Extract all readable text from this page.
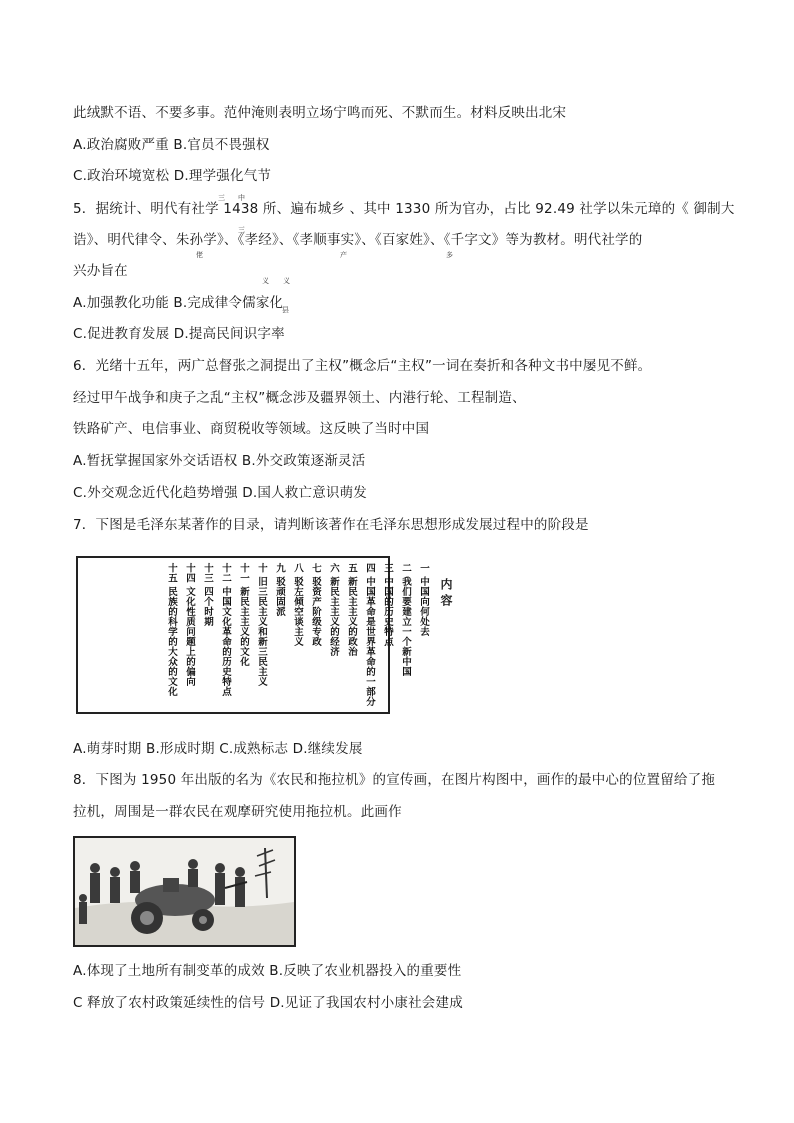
此绒默不语、不要多事。范仲淹则表明立场宁鸣而死、不默而生。材料反映出北宋
A.政治腐败严重 B.官员不畏强权
C.政治环境宽松 D.理学强化气节
5．据统计、明代有社学 1438 所、遍布城乡 、其中 1330 所为官办，占比 92.49 社学以朱元璋的《 御制大
诰》、明代律令、朱孙学》、《孝经》、《孝顺事实》、《百家姓》、《千字文》等为教材。明代社学的
兴办旨在
A.加强教化功能 B.完成律令儒家化
C.促进教育发展 D.提高民间识字率
6．光绪十五年，两广总督张之洞提出了主权”概念后“主权”一词在奏折和各种文书中屡见不鲜。
经过甲午战争和庚子之乱“主权”概念涉及疆界领土、内港行轮、工程制造、
铁路矿产、电信事业、商贸税收等领域。这反映了当时中国
A.暂抚掌握国家外交话语权 B.外交政策逐渐灵活
C.外交观念近代化趋势增强 D.国人救亡意识萌发
7．下图是毛泽东某著作的目录，请判断该著作在毛泽东思想形成发展过程中的阶段是
A.萌芽时期 B.形成时期 C.成熟标志 D.继续发展
8．下图为 1950 年出版的名为《农民和拖拉机》的宣传画，在图片构图中，画作的最中心的位置留给了拖
拉机，周围是一群农民在观摩研究使用拖拉机。此画作
A.体现了土地所有制变革的成效 B.反映了农业机器投入的重要性
C 释放了农村政策延续性的信号 D.见证了我国农村小康社会建成
三 中
三
佬	产	多
义 义
县
内 容
一 中国向何处去
二 我们要建立一个新中国
三 中国的历史特点
四 中国革命是世界革命的一部分
五 新民主主义的政治
六 新民主主义的经济
七 驳资产阶级专政
八 驳左倾空谈主义
九 驳顽固派
十 旧三民主义和新三民主义
十一 新民主主义的文化
十二 中国文化革命的历史特点
十三 四个时期
十四 文化性质问题上的偏向
十五 民族的科学的大众的文化
